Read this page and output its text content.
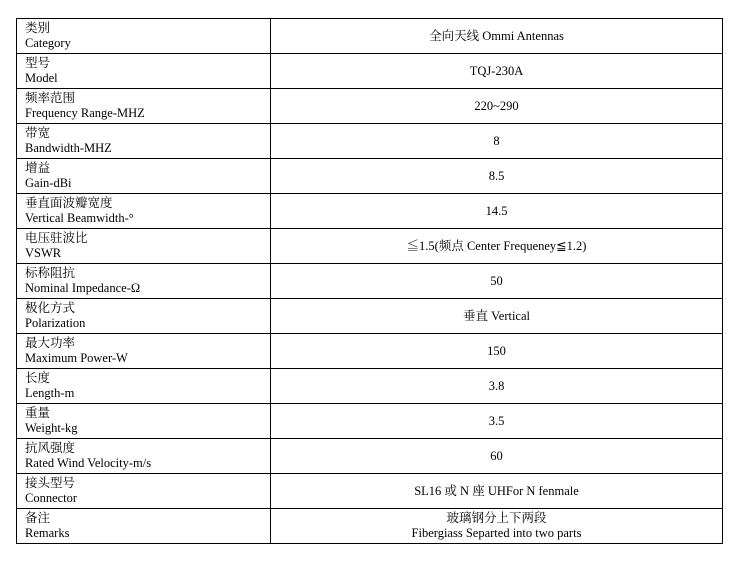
类别
Category	全向天线 Ommi Antennas

型号
Model	TQJ-230A

频率范围
Frequency Range-MHZ	220~290

带宽
Bandwidth-MHZ	8

增益
Gain-dBi	8.5

垂直面波瓣宽度
Vertical Beamwidth-°	14.5

电压驻波比
VSWR	≦1.5(频点 Center Frequeney≦1.2)

标称阻抗
Nominal Impedance-Ω	50

极化方式
Polarization	垂直 Vertical

最大功率
Maximum Power-W	150

长度
Length-m	3.8

重量
Weight-kg	3.5

抗风强度
Rated Wind Velocity-m/s	60

接头型号
Connector	SL16 或 N 座 UHFor N fenmale

备注
Remarks	玻璃钢分上下两段
Fibergiass Separted into two parts
